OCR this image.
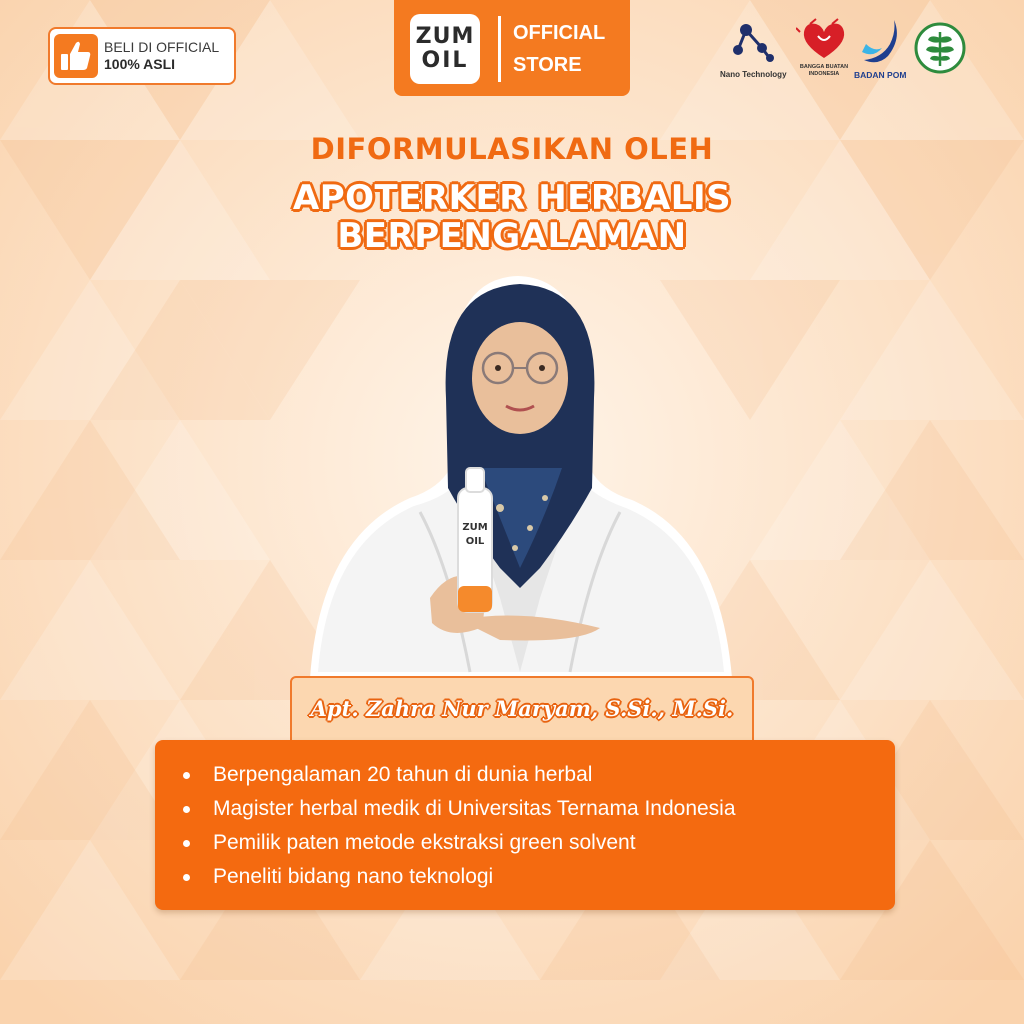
BELI DI OFFICIAL
100% ASLI
ZUM
OIL
OFFICIAL
STORE	Nano Technology
BANGGA BUATAN INDONESIA	BADAN POM
DIFORMULASIKAN OLEH
APOTERKER HERBALIS
BERPENGALAMAN
ZUM
OIL
Apt. Zahra Nur Maryam, S.Si., M.Si.
Berpengalaman 20 tahun di dunia herbal
Magister herbal medik di Universitas Ternama Indonesia
Pemilik paten metode ekstraksi green solvent
Peneliti bidang nano teknologi
